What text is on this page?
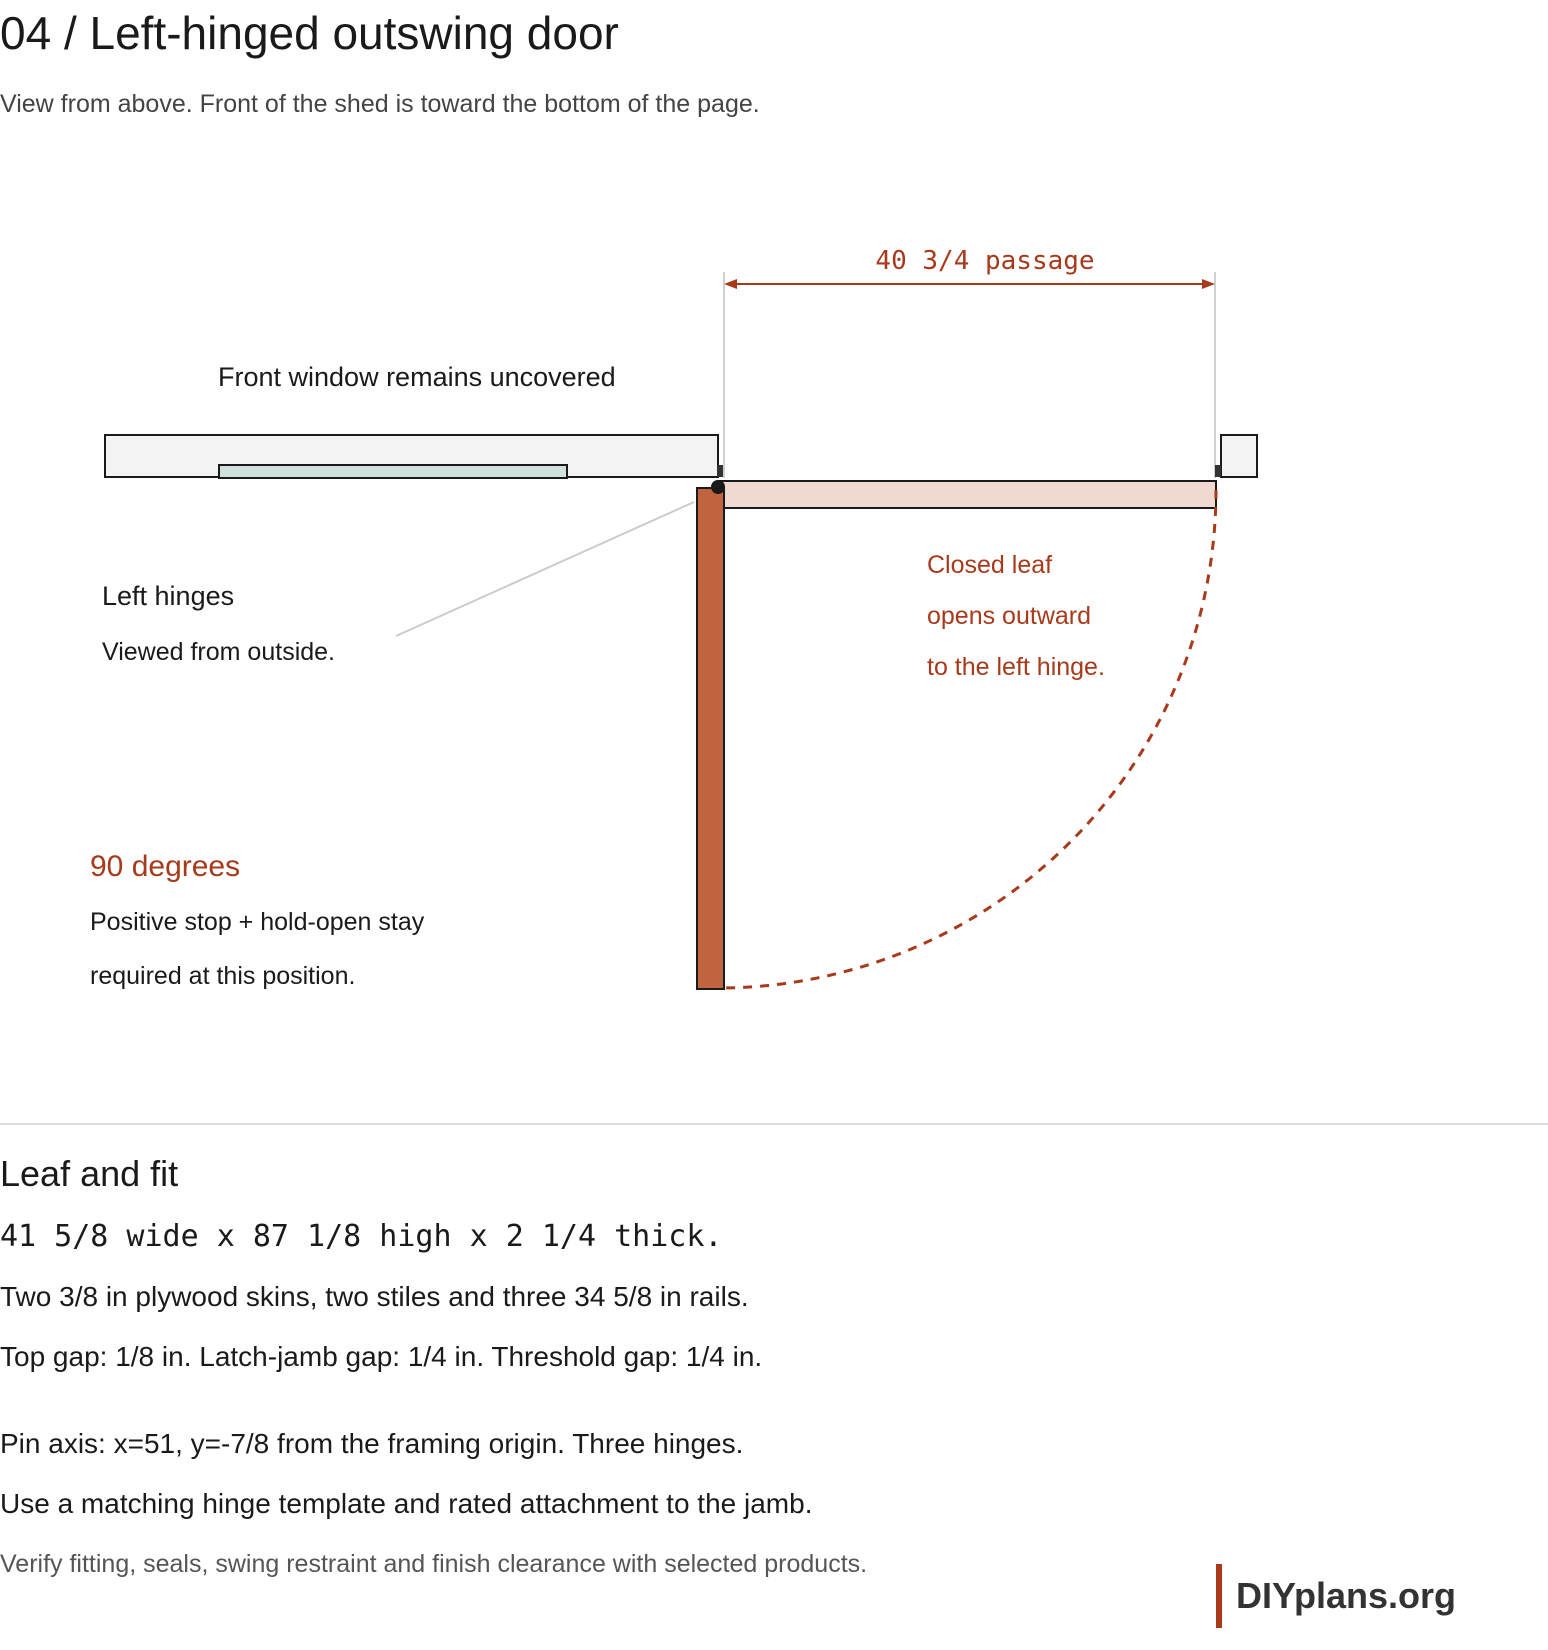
04 / Left-hinged outswing door

View from above. Front of the shed is toward the bottom of the page.

40 3/4 passage
Front window remains uncovered
Left hinges
Viewed from outside.
Closed leaf
opens outward
to the left hinge.
90 degrees
Positive stop + hold-open stay
required at this position.
Leaf and fit

41 5/8 wide x 87 1/8 high x 2 1/4 thick.

Two 3/8 in plywood skins, two stiles and three 34 5/8 in rails.

Top gap: 1/8 in. Latch-jamb gap: 1/4 in. Threshold gap: 1/4 in.

Pin axis: x=51, y=-7/8 from the framing origin. Three hinges.

Use a matching hinge template and rated attachment to the jamb.

Verify fitting, seals, swing restraint and finish clearance with selected products.

DIYplans.org
